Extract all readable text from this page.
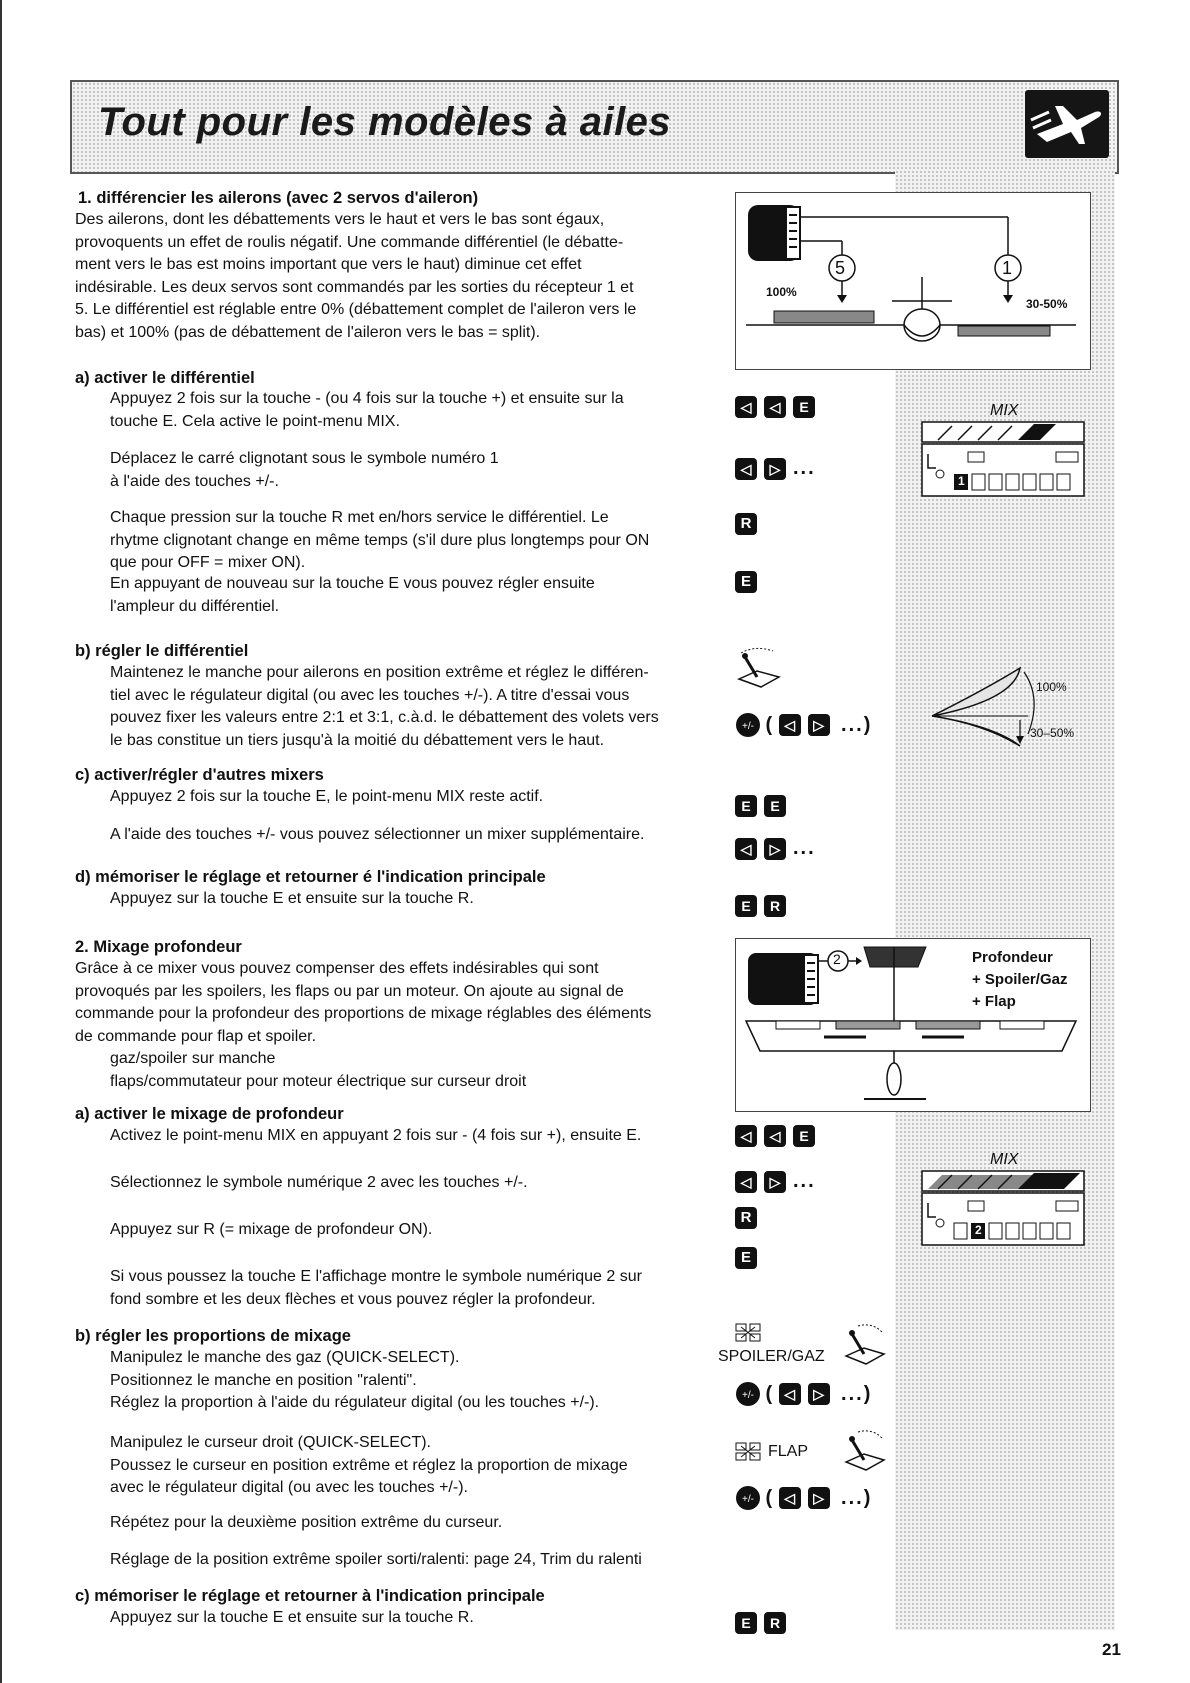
Tout pour les modèles à ailes
1. différencier les ailerons (avec 2 servos d'aileron)
Des ailerons, dont les débattements vers le haut et vers le bas sont égaux,
provoquents un effet de roulis négatif. Une commande différentiel (le débatte-
ment vers le bas est moins important que vers le haut) diminue cet effet
indésirable. Les deux servos sont commandés par les sorties du récepteur 1 et
5. Le différentiel est réglable entre 0% (débattement complet de l'aileron vers le
bas) et 100% (pas de débattement de l'aileron vers le bas = split).
a) activer le différentiel
Appuyez 2 fois sur la touche - (ou 4 fois sur la touche +) et ensuite sur la
touche E. Cela active le point-menu MIX.
Déplacez le carré clignotant sous le symbole numéro 1
à l'aide des touches +/-.
Chaque pression sur la touche R met en/hors service le différentiel. Le
rhytme clignotant change en même temps (s'il dure plus longtemps pour ON
que pour OFF = mixer ON).
En appuyant de nouveau sur la touche E vous pouvez régler ensuite
l'ampleur du différentiel.
b) régler le différentiel
Maintenez le manche pour ailerons en position extrême et réglez le différen-
tiel avec le régulateur digital (ou avec les touches +/-). A titre d'essai vous
pouvez fixer les valeurs entre 2:1 et 3:1, c.à.d. le débattement des volets vers
le bas constitue un tiers jusqu'à la moitié du débattement vers le haut.
c) activer/régler d'autres mixers
Appuyez 2 fois sur la touche E, le point-menu MIX reste actif.
A l'aide des touches +/- vous pouvez sélectionner un mixer supplémentaire.
d) mémoriser le réglage et retourner é l'indication principale
Appuyez sur la touche E et ensuite sur la touche R.
2. Mixage profondeur
Grâce à ce mixer vous pouvez compenser des effets indésirables qui sont
provoqués par les spoilers, les flaps ou par un moteur. On ajoute au signal de
commande pour la profondeur des proportions de mixage réglables des éléments
de commande pour flap et spoiler.
gaz/spoiler sur manche
flaps/commutateur pour moteur électrique sur curseur droit
a) activer le mixage de profondeur
Activez le point-menu MIX en appuyant 2 fois sur - (4 fois sur +), ensuite E.
Sélectionnez le symbole numérique 2 avec les touches +/-.
Appuyez sur R (= mixage de profondeur ON).
Si vous poussez la touche E l'affichage montre le symbole numérique 2 sur
fond sombre et les deux flèches et vous pouvez régler la profondeur.
b) régler les proportions de mixage
Manipulez le manche des gaz (QUICK-SELECT).
Positionnez le manche en position "ralenti".
Réglez la proportion à l'aide du régulateur digital (ou les touches +/-).
Manipulez le curseur droit (QUICK-SELECT).
Poussez le curseur en position extrême et réglez la proportion de mixage
avec le régulateur digital (ou avec les touches +/-).
Répétez pour la deuxième position extrême du curseur.
Réglage de la position extrême spoiler sorti/ralenti: page 24, Trim du ralenti
c) mémoriser le réglage et retourner à l'indication principale
Appuyez sur la touche E et ensuite sur la touche R.
5	1
100%
30-50%
MIX
1
100%
30–50%
+/- ( ◁ ▷ ...)
◁ ◁ E
◁ ▷ ...
R
E
E E
◁ ▷ ...
E R
2	Profondeur
+ Spoiler/Gaz
+ Flap
MIX
2
◁ ◁ E
◁ ▷ ...
R
E
SPOILER/GAZ
+/- ( ◁ ▷ ...)
FLAP
+/- ( ◁ ▷ ...)
E R
21
